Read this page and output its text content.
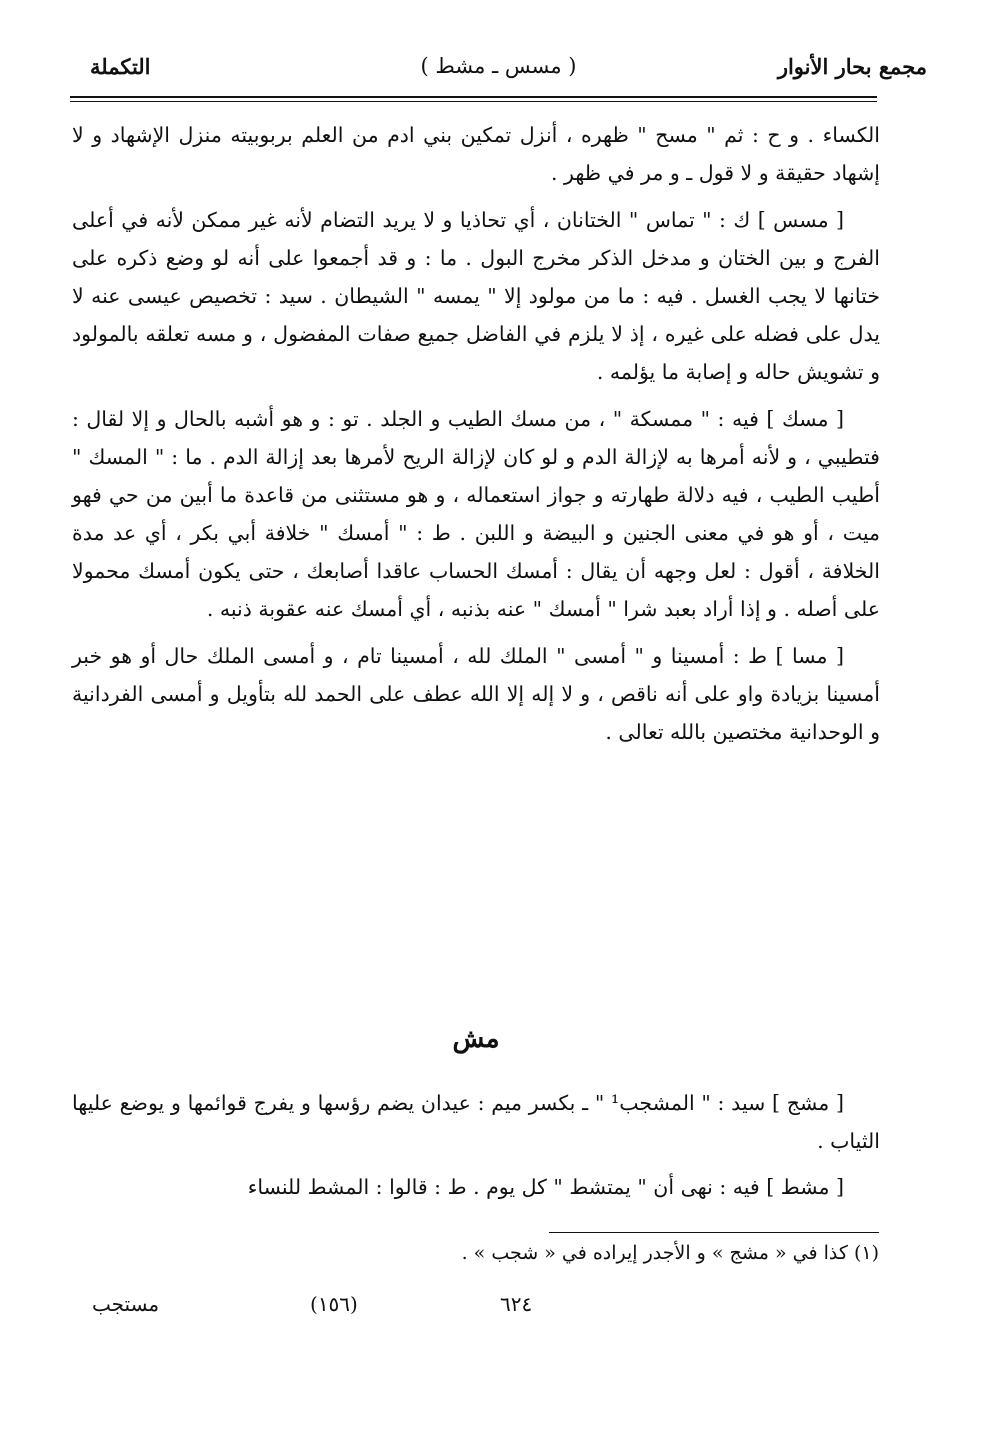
مجمع بحار الأنوار
( مسس ـ مشط )
التكملة

الكساء . و ح : ثم " مسح " ظهره ، أنزل تمكين بني ادم من العلم بربوبيته منزل الإشهاد و لا إشهاد حقيقة و لا قول ـ و مر في ظهر .

[ مسس ] ك : " تماس " الختانان ، أي تحاذيا و لا يريد التضام لأنه غير ممكن لأنه في أعلى الفرج و بين الختان و مدخل الذكر مخرج البول . ما : و قد أجمعوا على أنه لو وضع ذكره على ختانها لا يجب الغسل . فيه : ما من مولود إلا " يمسه " الشيطان . سيد : تخصيص عيسى عنه لا يدل على فضله على غيره ، إذ لا يلزم في الفاضل جميع صفات المفضول ، و مسه تعلقه بالمولود و تشويش حاله و إصابة ما يؤلمه .

[ مسك ] فيه : " ممسكة " ، من مسك الطيب و الجلد . تو : و هو أشبه بالحال و إلا لقال : فتطيبي ، و لأنه أمرها به لإزالة الدم و لو كان لإزالة الريح لأمرها بعد إزالة الدم . ما : " المسك " أطيب الطيب ، فيه دلالة طهارته و جواز استعماله ، و هو مستثنى من قاعدة ما أبين من حي فهو ميت ، أو هو في معنى الجنين و البيضة و اللبن . ط : " أمسك " خلافة أبي بكر ، أي عد مدة الخلافة ، أقول : لعل وجهه أن يقال : أمسك الحساب عاقدا أصابعك ، حتى يكون أمسك محمولا على أصله . و إذا أراد بعبد شرا " أمسك " عنه بذنبه ، أي أمسك عنه عقوبة ذنبه .

[ مسا ] ط : أمسينا و " أمسى " الملك لله ، أمسينا تام ، و أمسى الملك حال أو هو خبر أمسينا بزيادة واو على أنه ناقص ، و لا إله إلا الله عطف على الحمد لله بتأويل و أمسى الفردانية و الوحدانية مختصين بالله تعالى .

مش

[ مشج ] سيد : " المشجب¹ " ـ بكسر ميم : عيدان يضم رؤسها و يفرج قوائمها و يوضع عليها الثياب .

[ مشط ] فيه : نهى أن " يمتشط " كل يوم . ط : قالوا : المشط للنساء

(١) كذا في « مشج » و الأجدر إيراده في « شجب » .
مستجب	(١٥٦)	٦٢٤
